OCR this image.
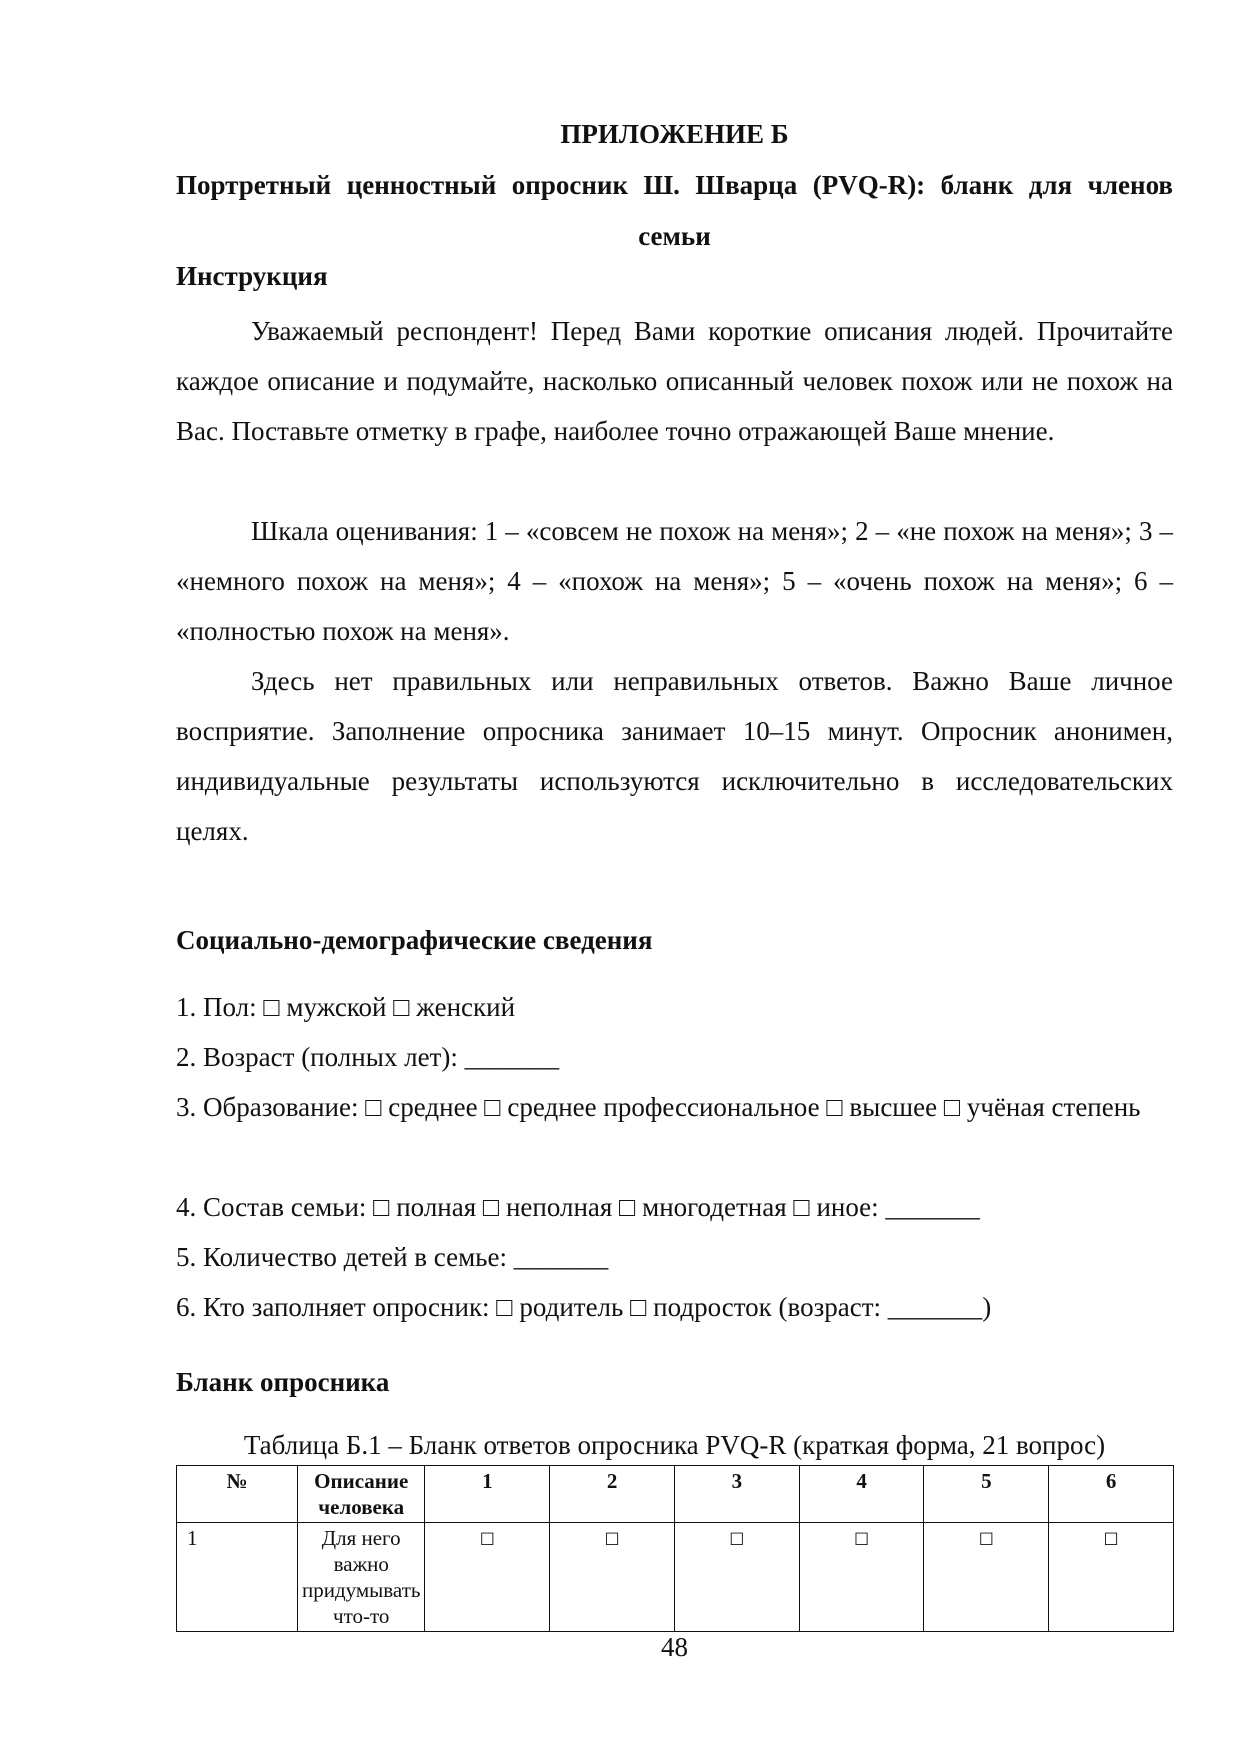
ПРИЛОЖЕНИЕ Б

Портретный ценностный опросник Ш. Шварца (PVQ-R): бланк для членов
семьи
Инструкция

Уважаемый респондент! Перед Вами короткие описания людей. Прочитайте каждое описание и подумайте, насколько описанный человек похож или не похож на Вас. Поставьте отметку в графе, наиболее точно отражающей Ваше мнение.

Шкала оценивания: 1 – «совсем не похож на меня»; 2 – «не похож на меня»; 3 – «немного похож на меня»; 4 – «похож на меня»; 5 – «очень похож на меня»; 6 – «полностью похож на меня».

Здесь нет правильных или неправильных ответов. Важно Ваше личное восприятие. Заполнение опросника занимает 10–15 минут. Опросник анонимен, индивидуальные результаты используются исключительно в исследовательских целях.

Социально-демографические сведения

1. Пол: □ мужской □ женский

2. Возраст (полных лет): _______

3. Образование: □ среднее □ среднее профессиональное □ высшее □ учёная степень

4. Состав семьи: □ полная □ неполная □ многодетная □ иное: _______

5. Количество детей в семье: _______

6. Кто заполняет опросник: □ родитель □ подросток (возраст: _______)

Бланк опросника

Таблица Б.1 – Бланк ответов опросника PVQ-R (краткая форма, 21 вопрос)

№	Описание человека	1	2	3	4	5	6
1	Для него важно придумывать что-то	☐	☐	☐	☐	☐	☐

48
